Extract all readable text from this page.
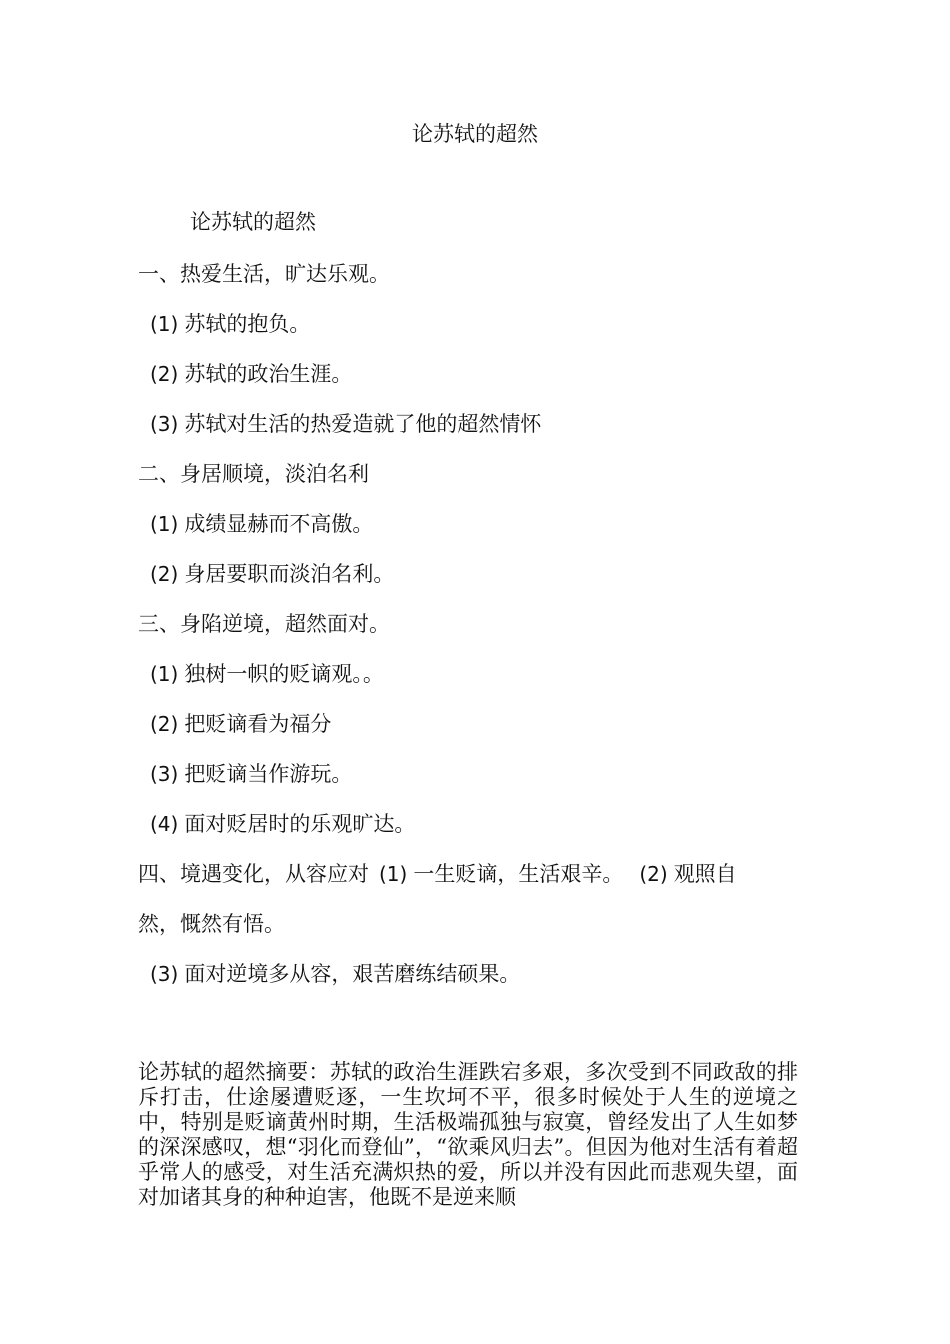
论苏轼的超然
论苏轼的超然
一、热爱生活，旷达乐观。
(1) 苏轼的抱负。
(2) 苏轼的政治生涯。
(3) 苏轼对生活的热爱造就了他的超然情怀
二、身居顺境，淡泊名利
(1) 成绩显赫而不高傲。
(2) 身居要职而淡泊名利。
三、身陷逆境，超然面对。
(1) 独树一帜的贬谪观。。
(2) 把贬谪看为福分
(3) 把贬谪当作游玩。
(4) 面对贬居时的乐观旷达。
四、境遇变化，从容应对 (1) 一生贬谪，生活艰辛。 (2) 观照自
然，慨然有悟。
(3) 面对逆境多从容，艰苦磨练结硕果。

论苏轼的超然摘要：苏轼的政治生涯跌宕多艰，多次受到不同政敌的排斥打击，仕途屡遭贬逐，一生坎坷不平，很多时候处于人生的逆境之中，特别是贬谪黄州时期，生活极端孤独与寂寞，曾经发出了人生如梦的深深感叹，想“羽化而登仙”，“欲乘风归去”。但因为他对生活有着超乎常人的感受，对生活充满炽热的爱，所以并没有因此而悲观失望，面对加诸其身的种种迫害，他既不是逆来顺
